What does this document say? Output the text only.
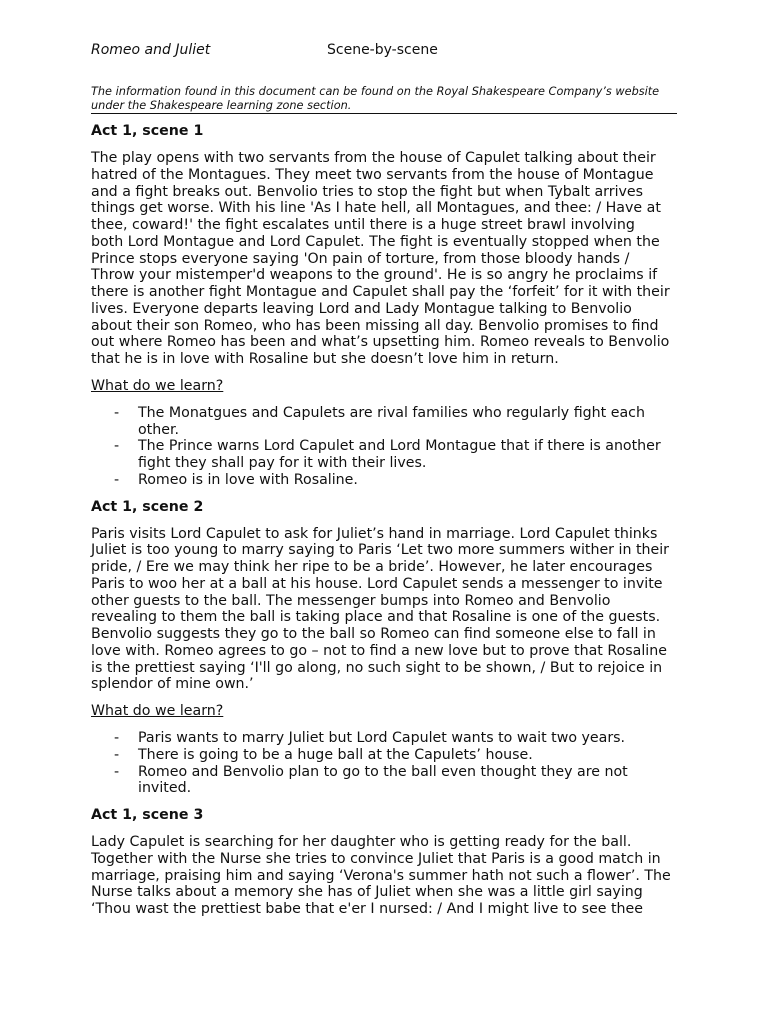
Romeo and Juliet	Scene-by-scene
The information found in this document can be found on the Royal Shakespeare Company’s website
under the Shakespeare learning zone section.
Act 1, scene 1
The play opens with two servants from the house of Capulet talking about their
hatred of the Montagues. They meet two servants from the house of Montague
and a fight breaks out. Benvolio tries to stop the fight but when Tybalt arrives
things get worse. With his line 'As I hate hell, all Montagues, and thee: / Have at
thee, coward!' the fight escalates until there is a huge street brawl involving
both Lord Montague and Lord Capulet. The fight is eventually stopped when the
Prince stops everyone saying 'On pain of torture, from those bloody hands /
Throw your mistemper'd weapons to the ground'. He is so angry he proclaims if
there is another fight Montague and Capulet shall pay the ‘forfeit’ for it with their
lives. Everyone departs leaving Lord and Lady Montague talking to Benvolio
about their son Romeo, who has been missing all day. Benvolio promises to find
out where Romeo has been and what’s upsetting him. Romeo reveals to Benvolio
that he is in love with Rosaline but she doesn’t love him in return.
What do we learn?
- The Monatgues and Capulets are rival families who regularly fight each
other.
- The Prince warns Lord Capulet and Lord Montague that if there is another
fight they shall pay for it with their lives.
- Romeo is in love with Rosaline.
Act 1, scene 2
Paris visits Lord Capulet to ask for Juliet’s hand in marriage. Lord Capulet thinks
Juliet is too young to marry saying to Paris ‘Let two more summers wither in their
pride, / Ere we may think her ripe to be a bride’. However, he later encourages
Paris to woo her at a ball at his house. Lord Capulet sends a messenger to invite
other guests to the ball. The messenger bumps into Romeo and Benvolio
revealing to them the ball is taking place and that Rosaline is one of the guests.
Benvolio suggests they go to the ball so Romeo can find someone else to fall in
love with. Romeo agrees to go – not to find a new love but to prove that Rosaline
is the prettiest saying ‘I'll go along, no such sight to be shown, / But to rejoice in
splendor of mine own.’
What do we learn?
- Paris wants to marry Juliet but Lord Capulet wants to wait two years.
- There is going to be a huge ball at the Capulets’ house.
- Romeo and Benvolio plan to go to the ball even thought they are not
invited.
Act 1, scene 3
Lady Capulet is searching for her daughter who is getting ready for the ball.
Together with the Nurse she tries to convince Juliet that Paris is a good match in
marriage, praising him and saying ‘Verona's summer hath not such a flower’. The
Nurse talks about a memory she has of Juliet when she was a little girl saying
‘Thou wast the prettiest babe that e'er I nursed: / And I might live to see thee
